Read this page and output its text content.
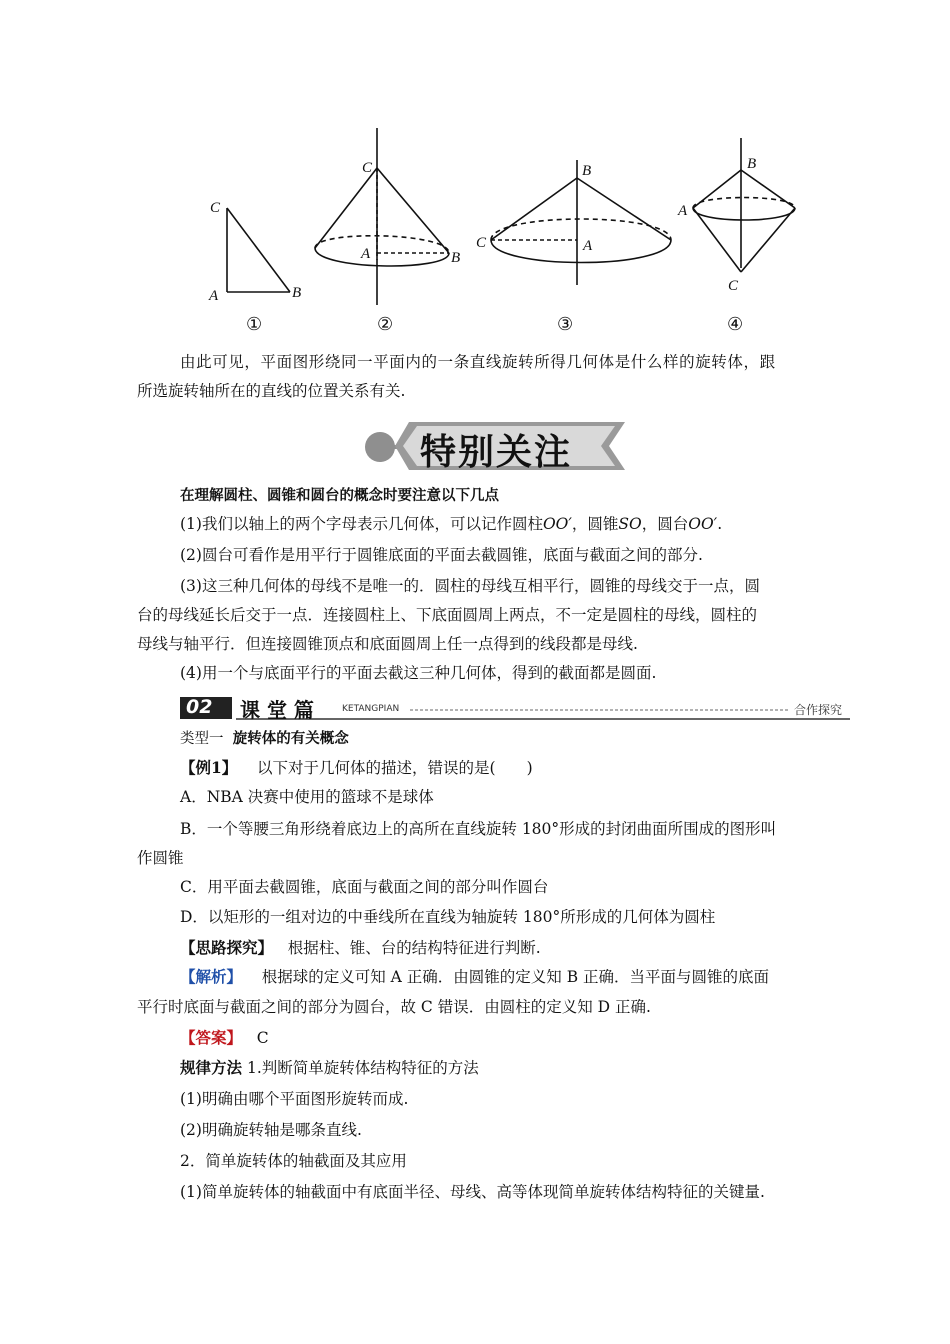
C
A	B
C
A	B
B
C	A
B
A
C
①	②	③	④
由此可见，平面图形绕同一平面内的一条直线旋转所得几何体是什么样的旋转体，跟
所选旋转轴所在的直线的位置关系有关.
特别关注
在理解圆柱、圆锥和圆台的概念时要注意以下几点
(1)我们以轴上的两个字母表示几何体，可以记作圆柱OO′，圆锥SO，圆台OO′.
(2)圆台可看作是用平行于圆锥底面的平面去截圆锥，底面与截面之间的部分.
(3)这三种几何体的母线不是唯一的．圆柱的母线互相平行，圆锥的母线交于一点，圆
台的母线延长后交于一点．连接圆柱上、下底面圆周上两点，不一定是圆柱的母线，圆柱的
母线与轴平行．但连接圆锥顶点和底面圆周上任一点得到的线段都是母线.
(4)用一个与底面平行的平面去截这三种几何体，得到的截面都是圆面.
02 课 堂 篇	KETANGPIAN	合作探究
类型一 旋转体的有关概念
【例1】 以下对于几何体的描述，错误的是(　　)
A．NBA 决赛中使用的篮球不是球体
B．一个等腰三角形绕着底边上的高所在直线旋转 180°形成的封闭曲面所围成的图形叫
作圆锥
C．用平面去截圆锥，底面与截面之间的部分叫作圆台
D．以矩形的一组对边的中垂线所在直线为轴旋转 180°所形成的几何体为圆柱
【思路探究】 根据柱、锥、台的结构特征进行判断.
【解析】 根据球的定义可知 A 正确．由圆锥的定义知 B 正确．当平面与圆锥的底面
平行时底面与截面之间的部分为圆台，故 C 错误．由圆柱的定义知 D 正确.
【答案】 C
规律方法 1.判断简单旋转体结构特征的方法
(1)明确由哪个平面图形旋转而成.
(2)明确旋转轴是哪条直线.
2．简单旋转体的轴截面及其应用
(1)简单旋转体的轴截面中有底面半径、母线、高等体现简单旋转体结构特征的关键量.
